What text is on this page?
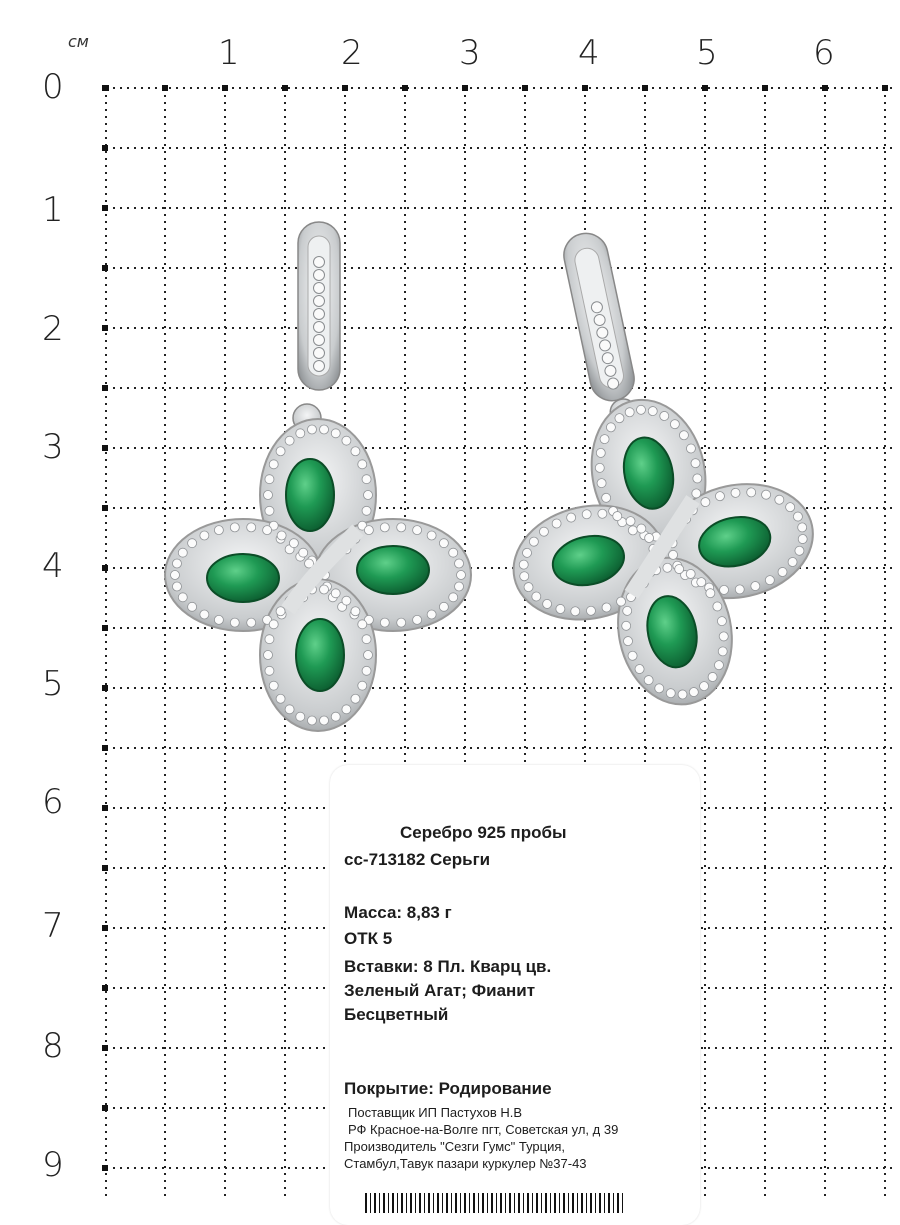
см	1	2	3	4	5	6
0
1
2
3
4
5
6
7
8
9
Серебро 925 пробы
сс-713182 Серьги
Масса: 8,83 г
ОТК 5
Вставки: 8 Пл. Кварц цв.
Зеленый Агат; Фианит
Бесцветный
Покрытие: Родирование
Поставщик ИП Пастухов Н.В
РФ Красное-на-Волге пгт, Советская ул, д 39
Производитель "Сезги Гумс" Турция,
Стамбул,Тавук пазари куркулер №37-43
